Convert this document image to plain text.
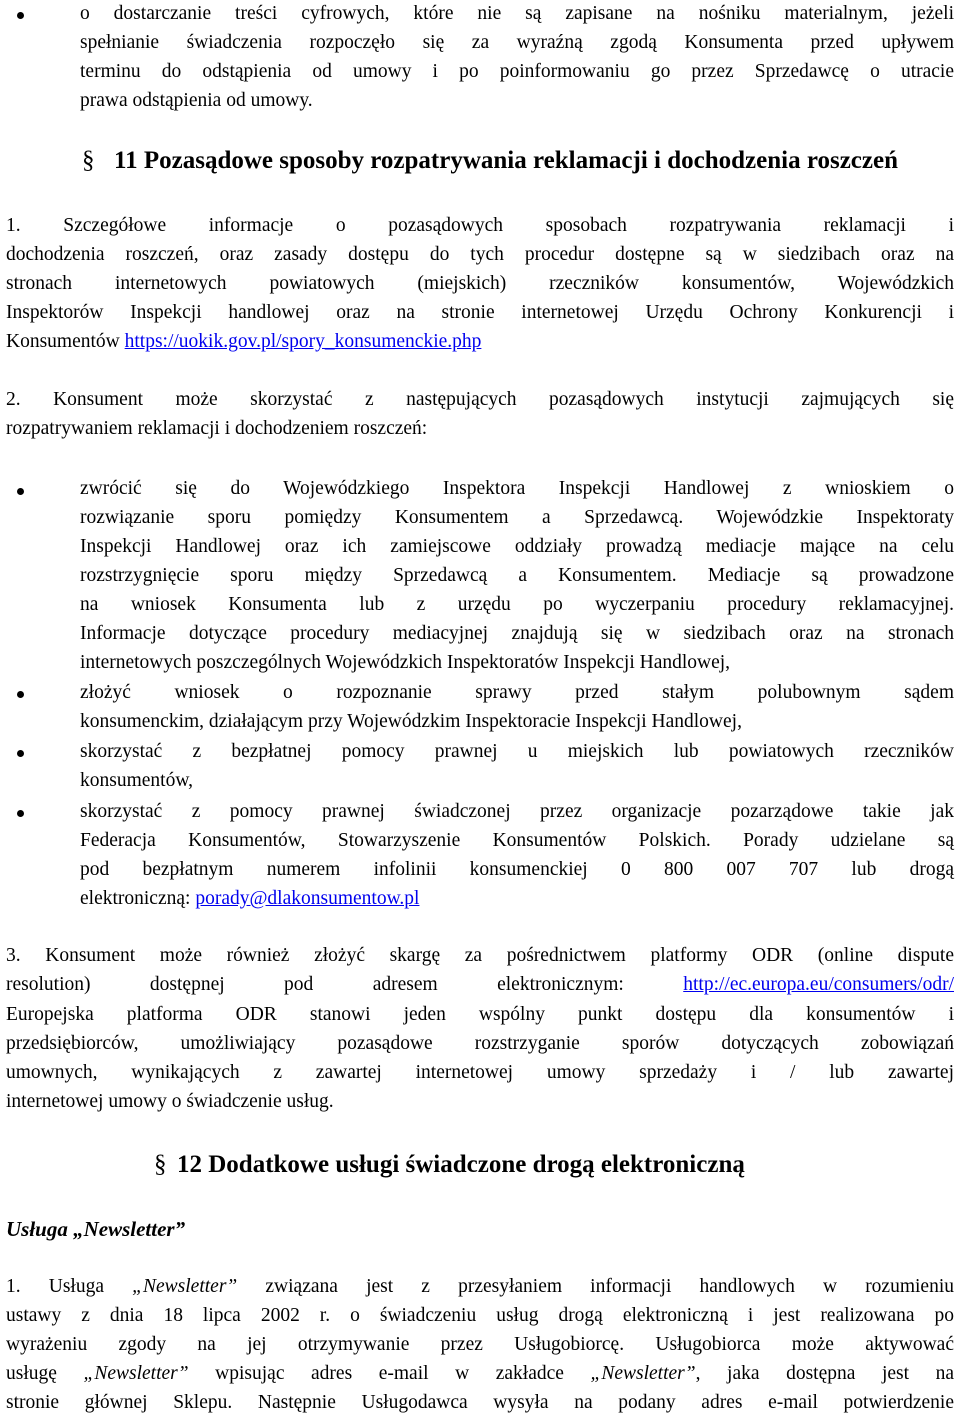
o dostarczanie treści cyfrowych, które nie są zapisane na nośniku materialnym, jeżeli
spełnianie świadczenia rozpoczęło się za wyraźną zgodą Konsumenta przed upływem
terminu do odstąpienia od umowy i po poinformowaniu go przez Sprzedawcę o utracie
prawa odstąpienia od umowy.
§ 11 Pozasądowe sposoby rozpatrywania reklamacji i dochodzenia roszczeń
1. Szczegółowe informacje o pozasądowych sposobach rozpatrywania reklamacji i
dochodzenia roszczeń, oraz zasady dostępu do tych procedur dostępne są w siedzibach oraz na
stronach internetowych powiatowych (miejskich) rzeczników konsumentów, Wojewódzkich
Inspektorów Inspekcji handlowej oraz na stronie internetowej Urzędu Ochrony Konkurencji i
Konsumentów https://uokik.gov.pl/spory_konsumenckie.php
2. Konsument może skorzystać z następujących pozasądowych instytucji zajmujących się
rozpatrywaniem reklamacji i dochodzeniem roszczeń:
zwrócić się do Wojewódzkiego Inspektora Inspekcji Handlowej z wnioskiem o
rozwiązanie sporu pomiędzy Konsumentem a Sprzedawcą. Wojewódzkie Inspektoraty
Inspekcji Handlowej oraz ich zamiejscowe oddziały prowadzą mediacje mające na celu
rozstrzygnięcie sporu między Sprzedawcą a Konsumentem. Mediacje są prowadzone
na wniosek Konsumenta lub z urzędu po wyczerpaniu procedury reklamacyjnej.
Informacje dotyczące procedury mediacyjnej znajdują się w siedzibach oraz na stronach
internetowych poszczególnych Wojewódzkich Inspektoratów Inspekcji Handlowej,
złożyć wniosek o rozpoznanie sprawy przed stałym polubownym sądem
konsumenckim, działającym przy Wojewódzkim Inspektoracie Inspekcji Handlowej,
skorzystać z bezpłatnej pomocy prawnej u miejskich lub powiatowych rzeczników
konsumentów,
skorzystać z pomocy prawnej świadczonej przez organizacje pozarządowe takie jak
Federacja Konsumentów, Stowarzyszenie Konsumentów Polskich. Porady udzielane są
pod bezpłatnym numerem infolinii konsumenckiej 0 800 007 707 lub drogą
elektroniczną: porady@dlakonsumentow.pl
3. Konsument może również złożyć skargę za pośrednictwem platformy ODR (online dispute
resolution) dostępnej pod adresem elektronicznym: http://ec.europa.eu/consumers/odr/
Europejska platforma ODR stanowi jeden wspólny punkt dostępu dla konsumentów i
przedsiębiorców, umożliwiający pozasądowe rozstrzyganie sporów dotyczących zobowiązań
umownych, wynikających z zawartej internetowej umowy sprzedaży i / lub zawartej
internetowej umowy o świadczenie usług.
§ 12 Dodatkowe usługi świadczone drogą elektroniczną
Usługa „Newsletter”
1. Usługa „Newsletter” związana jest z przesyłaniem informacji handlowych w rozumieniu
ustawy z dnia 18 lipca 2002 r. o świadczeniu usług drogą elektroniczną i jest realizowana po
wyrażeniu zgody na jej otrzymywanie przez Usługobiorcę. Usługobiorca może aktywować
usługę „Newsletter” wpisując adres e-mail w zakładce „Newsletter”, jaka dostępna jest na
stronie głównej Sklepu. Następnie Usługodawca wysyła na podany adres e-mail potwierdzenie
